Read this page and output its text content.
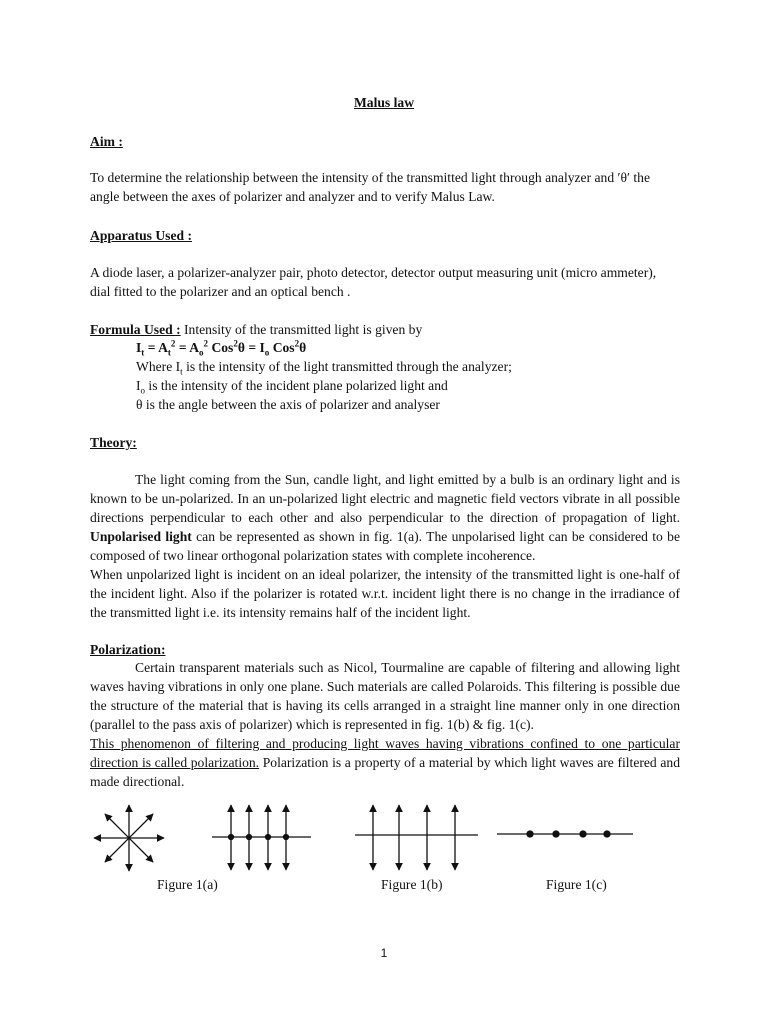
Malus law
Aim :
To determine the relationship between the intensity of the transmitted light through analyzer and ′θ′ the
angle between the axes of polarizer and analyzer and to verify Malus Law.
Apparatus Used :
A diode laser, a polarizer-analyzer pair, photo detector, detector output measuring unit (micro ammeter),
dial fitted to the polarizer and an optical bench .
Formula Used : Intensity of the transmitted light is given by
$I_t = A_t^2 = A_o^2$ $Cos^2\theta = I_o$ Cos$^2$θ
Where $I_t$ is the intensity of the light transmitted through the analyzer;
$I_o$ is the intensity of the incident plane polarized light and
θ is the angle between the axis of polarizer and analyser
Theory:

The light coming from the Sun, candle light, and light emitted by a bulb is an ordinary light and is known to be un-polarized. In an un-polarized light electric and magnetic field vectors vibrate in all possible directions perpendicular to each other and also perpendicular to the direction of propagation of light. Unpolarised light can be represented as shown in fig. 1(a). The unpolarised light can be considered to be composed of two linear orthogonal polarization states with complete incoherence.

When unpolarized light is incident on an ideal polarizer, the intensity of the transmitted light is one-half of the incident light. Also if the polarizer is rotated w.r.t. incident light there is no change in the irradiance of the transmitted light i.e. its intensity remains half of the incident light.

Polarization:

Certain transparent materials such as Nicol, Tourmaline are capable of filtering and allowing light waves having vibrations in only one plane. Such materials are called Polaroids. This filtering is possible due the structure of the material that is having its cells arranged in a straight line manner only in one direction (parallel to the pass axis of polarizer) which is represented in fig. 1(b) & fig. 1(c).

This phenomenon of filtering and producing light waves having vibrations confined to one particular direction is called polarization. Polarization is a property of a material by which light waves are filtered and made directional.

Figure 1(a)	Figure 1(b)	Figure 1(c)
1
